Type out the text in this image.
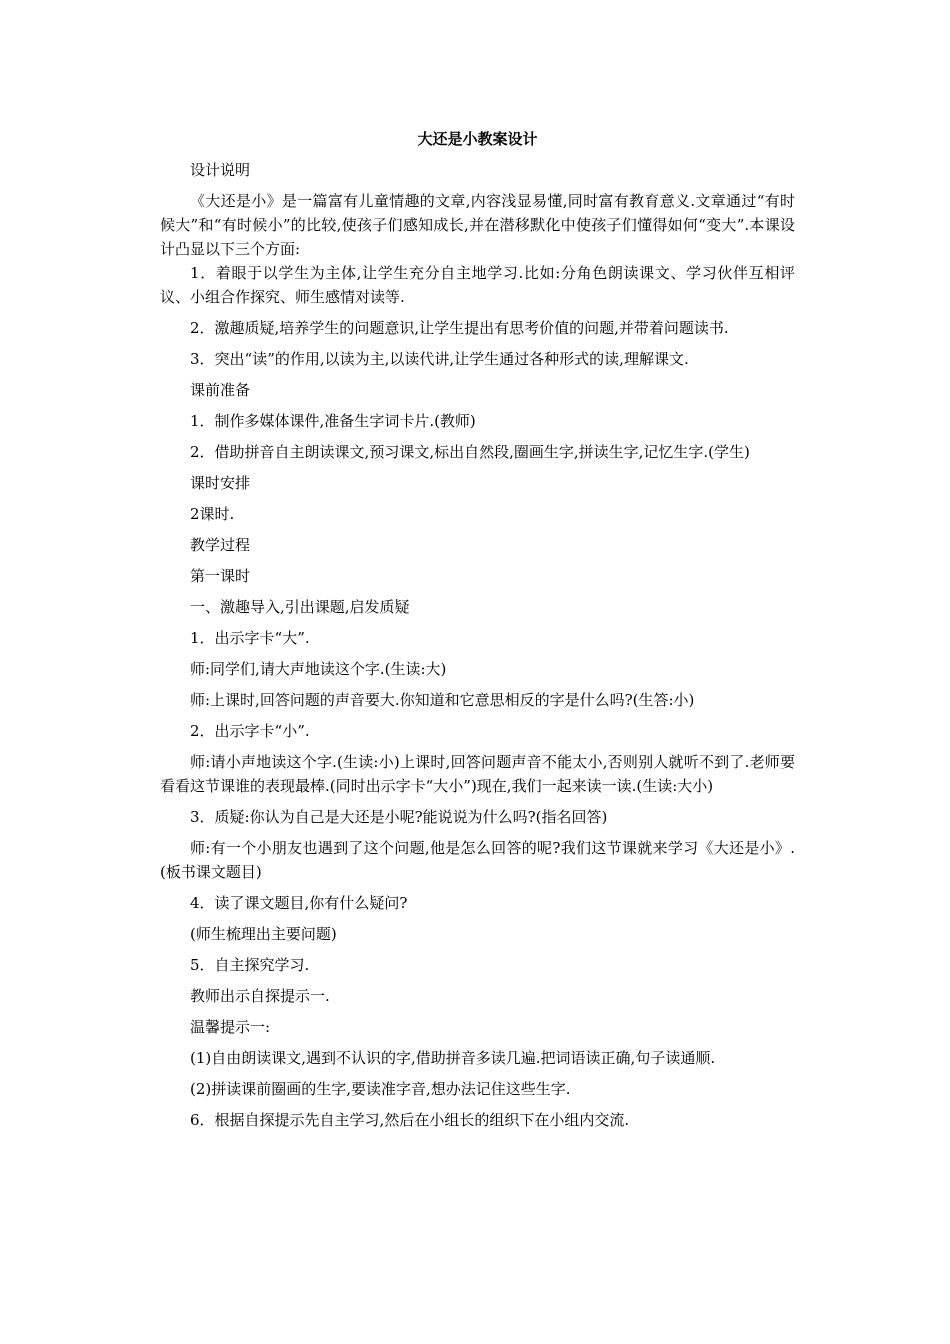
大还是小教案设计
设计说明
《大还是小》是一篇富有儿童情趣的文章,内容浅显易懂,同时富有教育意义.文章通过“有时候大”和“有时候小”的比较,使孩子们感知成长,并在潜移默化中使孩子们懂得如何“变大”.本课设计凸显以下三个方面:
1．着眼于以学生为主体,让学生充分自主地学习.比如:分角色朗读课文、学习伙伴互相评议、小组合作探究、师生感情对读等.
2．激趣质疑,培养学生的问题意识,让学生提出有思考价值的问题,并带着问题读书.
3．突出“读”的作用,以读为主,以读代讲,让学生通过各种形式的读,理解课文.
课前准备
1．制作多媒体课件,准备生字词卡片.(教师)
2．借助拼音自主朗读课文,预习课文,标出自然段,圈画生字,拼读生字,记忆生字.(学生)
课时安排
2课时.
教学过程
第一课时
一、激趣导入,引出课题,启发质疑
1．出示字卡“大”.
师:同学们,请大声地读这个字.(生读:大)
师:上课时,回答问题的声音要大.你知道和它意思相反的字是什么吗?(生答:小)
2．出示字卡“小”.
师:请小声地读这个字.(生读:小)上课时,回答问题声音不能太小,否则别人就听不到了.老师要看看这节课谁的表现最棒.(同时出示字卡“大小”)现在,我们一起来读一读.(生读:大小)
3．质疑:你认为自己是大还是小呢?能说说为什么吗?(指名回答)
师:有一个小朋友也遇到了这个问题,他是怎么回答的呢?我们这节课就来学习《大还是小》.(板书课文题目)
4．读了课文题目,你有什么疑问?
(师生梳理出主要问题)
5．自主探究学习.
教师出示自探提示一.
温馨提示一:
(1)自由朗读课文,遇到不认识的字,借助拼音多读几遍.把词语读正确,句子读通顺.
(2)拼读课前圈画的生字,要读准字音,想办法记住这些生字.
6．根据自探提示先自主学习,然后在小组长的组织下在小组内交流.
